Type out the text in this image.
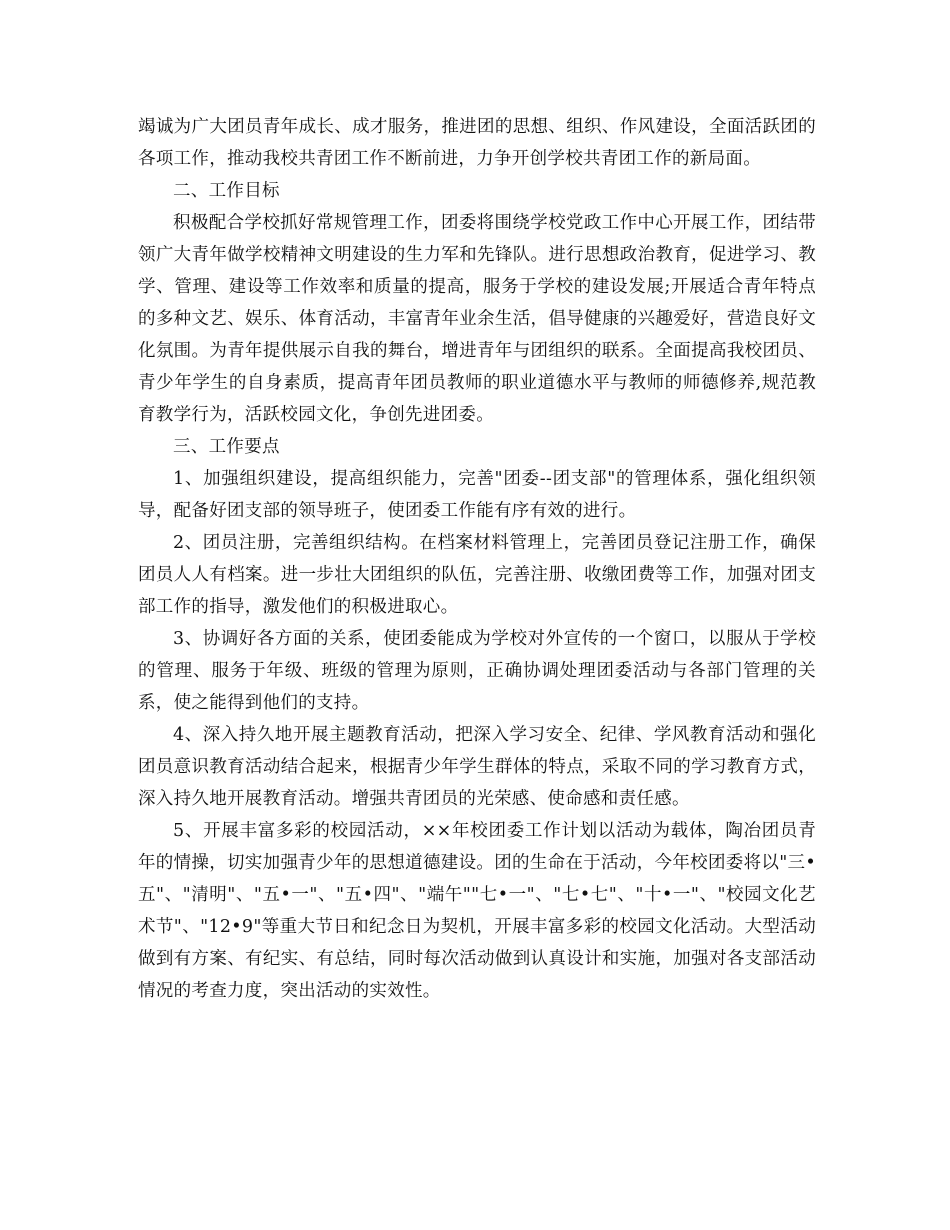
竭诚为广大团员青年成长、成才服务，推进团的思想、组织、作风建设，全面活跃团的各项工作，推动我校共青团工作不断前进，力争开创学校共青团工作的新局面。

二、工作目标

积极配合学校抓好常规管理工作，团委将围绕学校党政工作中心开展工作，团结带领广大青年做学校精神文明建设的生力军和先锋队。进行思想政治教育，促进学习、教学、管理、建设等工作效率和质量的提高，服务于学校的建设发展;开展适合青年特点的多种文艺、娱乐、体育活动，丰富青年业余生活，倡导健康的兴趣爱好，营造良好文化氛围。为青年提供展示自我的舞台，增进青年与团组织的联系。全面提高我校团员、青少年学生的自身素质，提高青年团员教师的职业道德水平与教师的师德修养,规范教育教学行为，活跃校园文化，争创先进团委。

三、工作要点

1、加强组织建设，提高组织能力，完善"团委--团支部"的管理体系，强化组织领导，配备好团支部的领导班子，使团委工作能有序有效的进行。

2、团员注册，完善组织结构。在档案材料管理上，完善团员登记注册工作，确保团员人人有档案。进一步壮大团组织的队伍，完善注册、收缴团费等工作，加强对团支部工作的指导，激发他们的积极进取心。

3、协调好各方面的关系，使团委能成为学校对外宣传的一个窗口，以服从于学校的管理、服务于年级、班级的管理为原则，正确协调处理团委活动与各部门管理的关系，使之能得到他们的支持。

4、深入持久地开展主题教育活动，把深入学习安全、纪律、学风教育活动和强化团员意识教育活动结合起来，根据青少年学生群体的特点，采取不同的学习教育方式，深入持久地开展教育活动。增强共青团员的光荣感、使命感和责任感。

5、开展丰富多彩的校园活动，××年校团委工作计划以活动为载体，陶冶团员青年的情操，切实加强青少年的思想道德建设。团的生命在于活动，今年校团委将以"三•五"、"清明"、"五•一"、"五•四"、"端午""七•一"、"七•七"、"十•一"、"校园文化艺术节"、"12•9"等重大节日和纪念日为契机，开展丰富多彩的校园文化活动。大型活动做到有方案、有纪实、有总结，同时每次活动做到认真设计和实施，加强对各支部活动情况的考查力度，突出活动的实效性。
